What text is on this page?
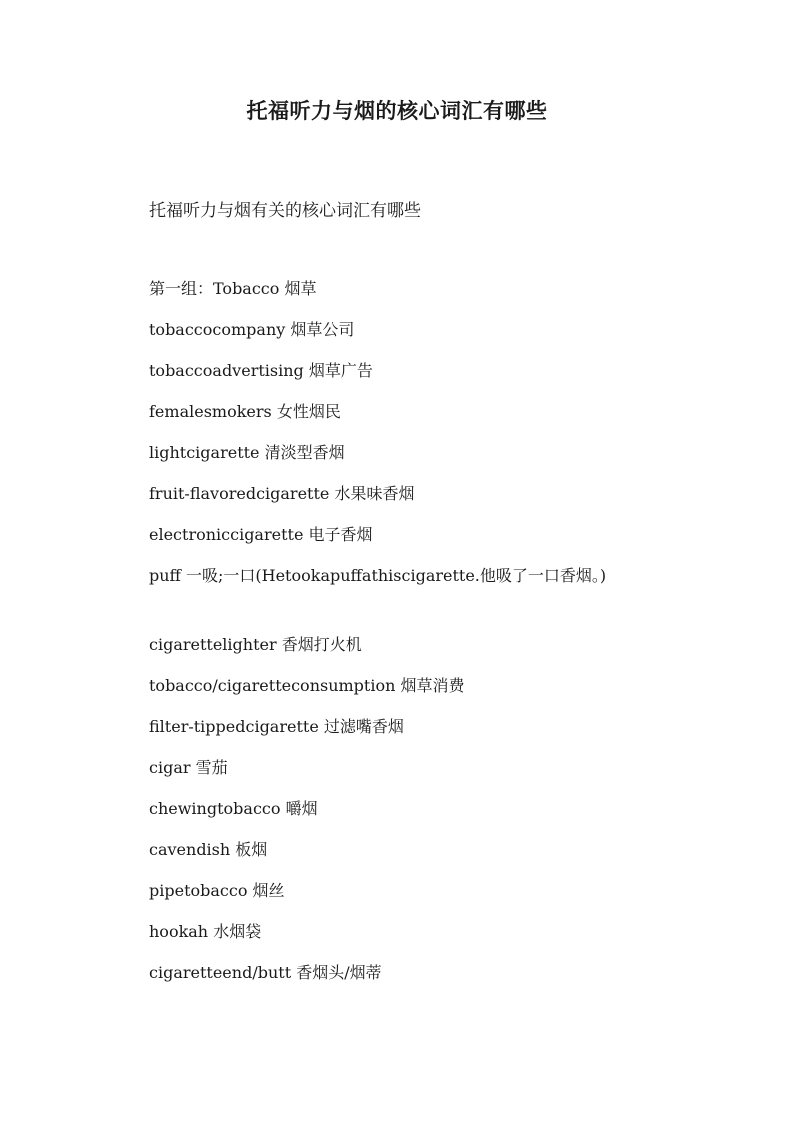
托福听力与烟的核心词汇有哪些
托福听力与烟有关的核心词汇有哪些
第一组：Tobacco 烟草
tobaccocompany 烟草公司
tobaccoadvertising 烟草广告
femalesmokers 女性烟民
lightcigarette 清淡型香烟
fruit-flavoredcigarette 水果味香烟
electroniccigarette 电子香烟
puff 一吸;一口(Hetookapuffathiscigarette.他吸了一口香烟。)
cigarettelighter 香烟打火机
tobacco/cigaretteconsumption 烟草消费
filter-tippedcigarette 过滤嘴香烟
cigar 雪茄
chewingtobacco 嚼烟
cavendish 板烟
pipetobacco 烟丝
hookah 水烟袋
cigaretteend/butt 香烟头/烟蒂
